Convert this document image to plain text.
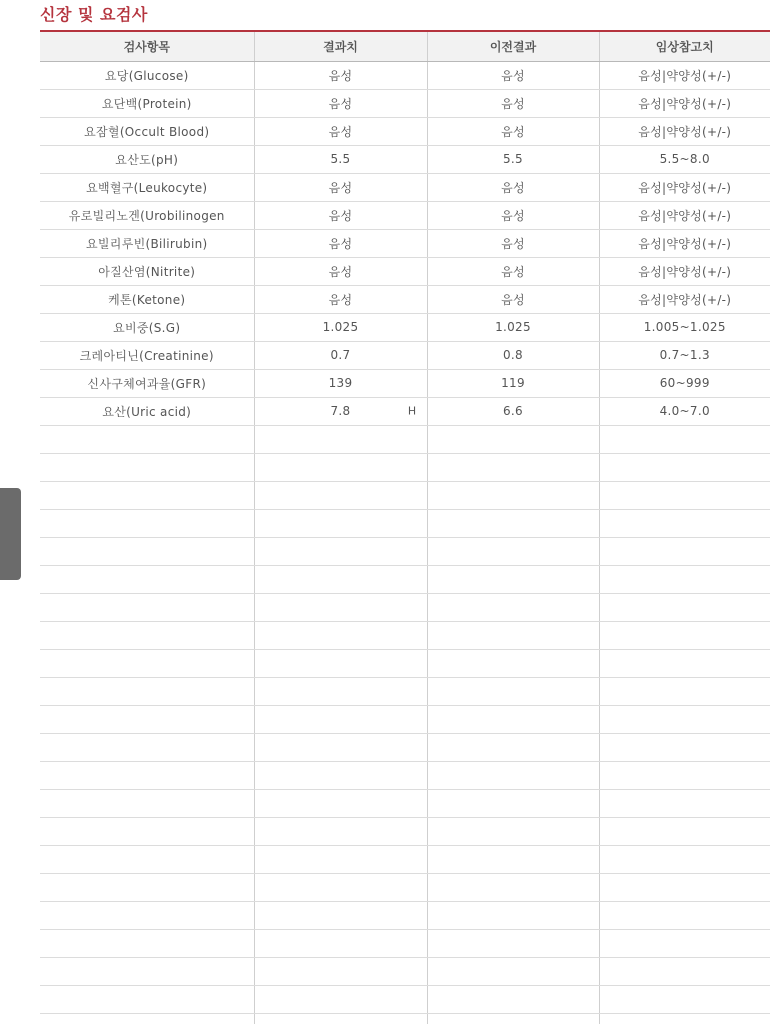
신장 및 요검사
검사항목	결과치	이전결과	임상참고치
요당(Glucose)	음성	음성	음성|약양성(+/-)
요단백(Protein)	음성	음성	음성|약양성(+/-)
요잠혈(Occult Blood)	음성	음성	음성|약양성(+/-)
요산도(pH)	5.5	5.5	5.5~8.0
요백혈구(Leukocyte)	음성	음성	음성|약양성(+/-)
유로빌리노겐(Urobilinogen	음성	음성	음성|약양성(+/-)
요빌리루빈(Bilirubin)	음성	음성	음성|약양성(+/-)
아질산염(Nitrite)	음성	음성	음성|약양성(+/-)
케톤(Ketone)	음성	음성	음성|약양성(+/-)
요비중(S.G)	1.025	1.025	1.005~1.025
크레아티닌(Creatinine)	0.7	0.8	0.7~1.3
신사구체여과율(GFR)	139	119	60~999
요산(Uric acid)	7.8 H	6.6	4.0~7.0
